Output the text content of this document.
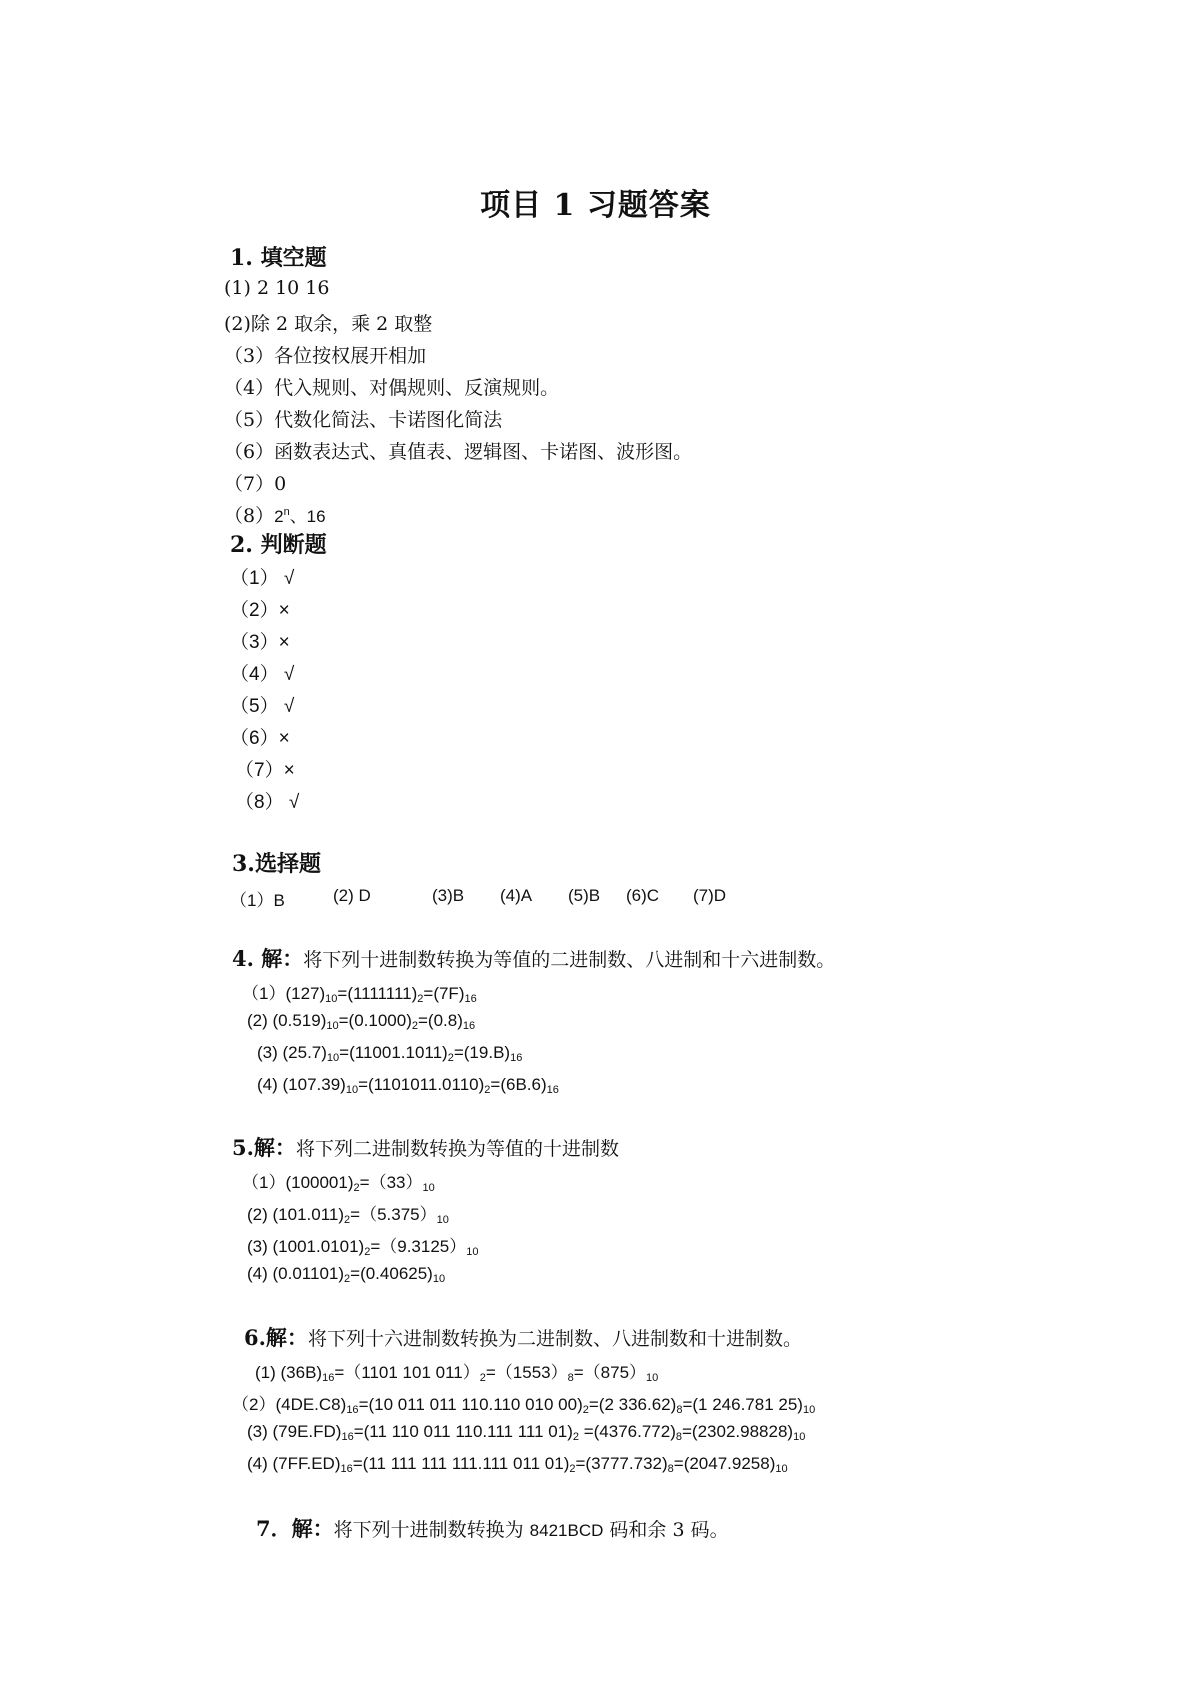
项目 1 习题答案
1. 填空题
(1) 2 10 16
(2)除 2 取余，乘 2 取整
（3）各位按权展开相加
（4）代入规则、对偶规则、反演规则。
（5）代数化简法、卡诺图化简法
（6）函数表达式、真值表、逻辑图、卡诺图、波形图。
（7）0
（8）2$^n$、16
2. 判断题
（1） √
（2）×
（3）×
（4） √
（5） √
（6）×
（7）×
（8） √
3.选择题
（1）B	(2) D	(3)B (4)A (5)B (6)C (7)D
4. 解：将下列十进制数转换为等值的二进制数、八进制和十六进制数。
$(1)(127)_{10}=(1111111)_2=(7F)_{16}$
(2) $(0.519)_{10}=(0.1000)_2=(0.8)_{16}$
(3) $(25.7)_{10}=(11001.1011)_2=(19.B)_{16}$
(4) $(107.39)_{10}=(1101011.0110)_2=(6B.6)_{16}$
5.解：将下列二进制数转换为等值的十进制数
$(1)(100001)_2=(33)_{10}$
(2) $(101.011)_2=(5.375)_{10}$
(3) $(1001.0101)_2=(9.3125)_{10}$
(4) $(0.01101)_2=(0.40625)_{10}$
6.解：将下列十六进制数转换为二进制数、八进制数和十进制数。
(1) $(36B)_{16}=(1101$ 101 $011)_2=(1553)_8=(875)_{10}$
$(2)(4DE.C8)_{16}=(10$ 011 011 110.110 010 $00)_2=(2$ $336.62)_8=(1$ 246.781 $25)_{10}$
(3) $(79E.FD)_{16}=(11$ 110 011 110.111 111 $01)_2 =(4376.772)_8=(2302.98828)_{10}$
(4) $(7FF.ED)_{16}=(11$ 111 111 111.111 011 $01)_2=(3777.732)_8=(2047.9258)_{10}$
7．解：将下列十进制数转换为 8421BCD 码和余 3 码。
